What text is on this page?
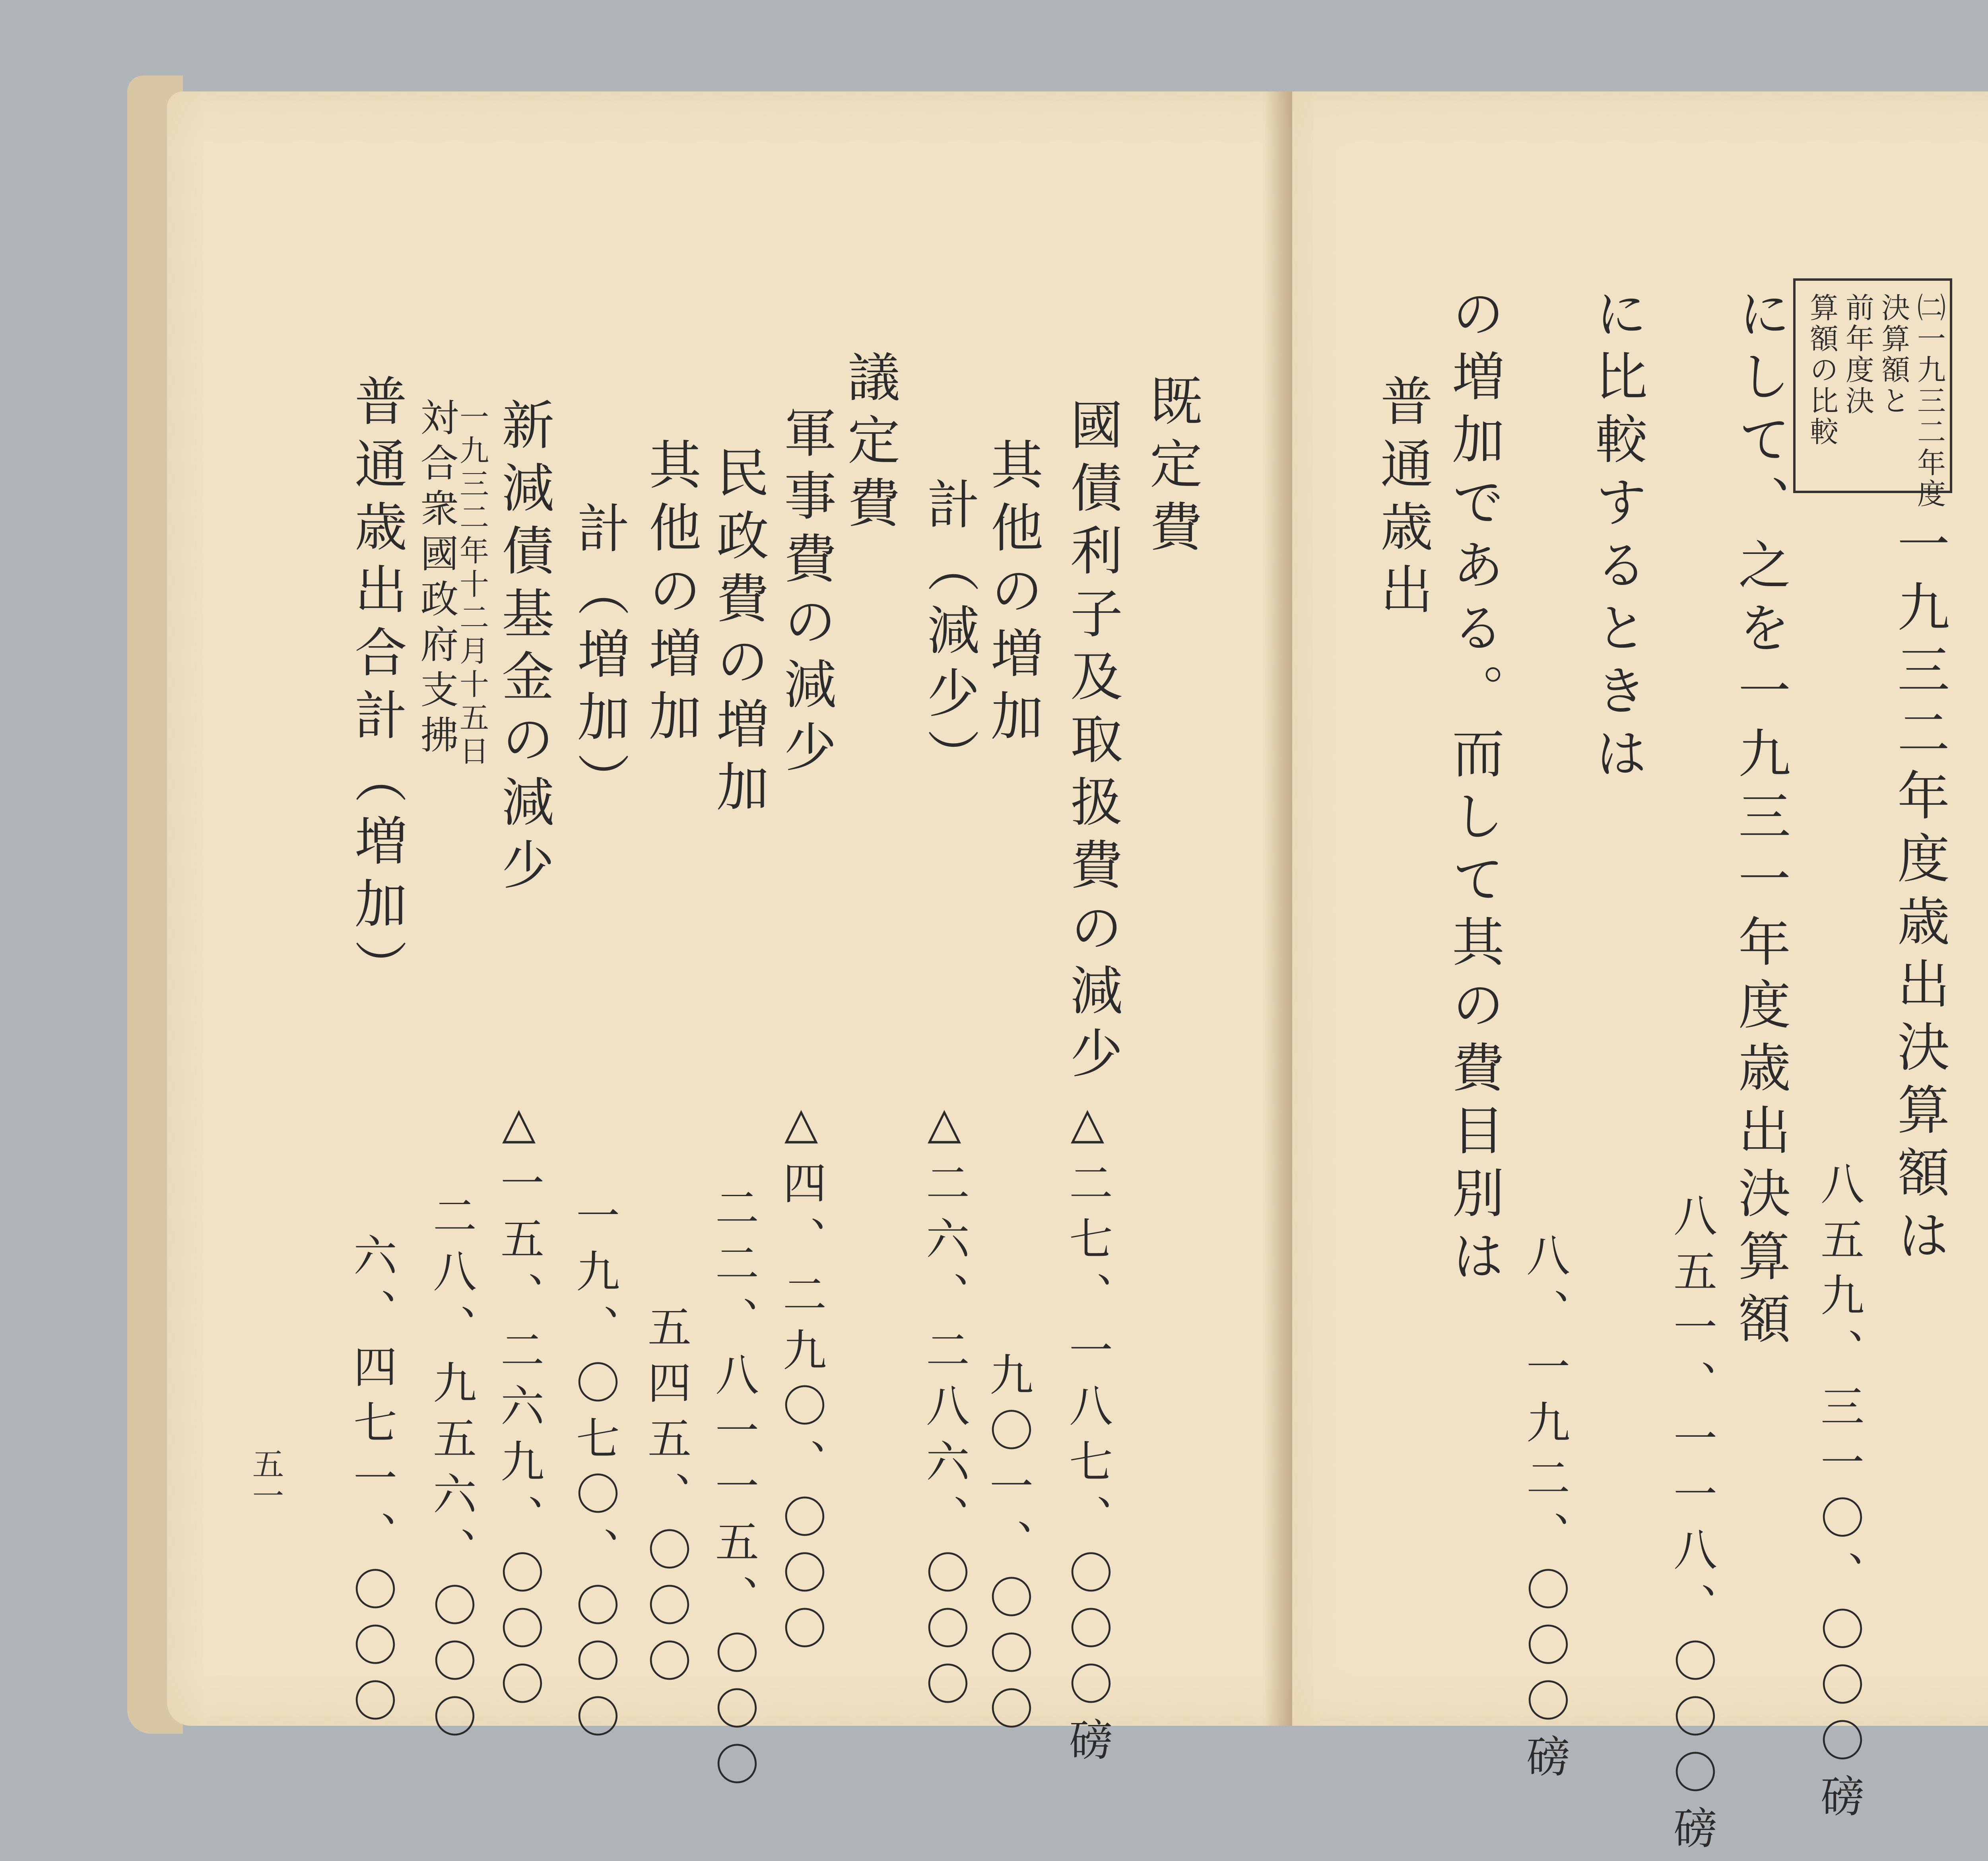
既定費
國債利子及取扱費の減少
△二七、一八七、〇〇〇磅
其他の増加
九〇一、〇〇〇
計（減少）
△二六、二八六、〇〇〇
議定費
軍事費の減少
△四、二九〇、〇〇〇
民政費の増加
二二、八一一五、〇〇〇
其他の増加
五四五、〇〇〇
計（増加）
一九、〇七〇、〇〇〇
新減債基金の減少
△一五、二六九、〇〇〇
一九三二年十二月十五日
対合衆國政府支拂
二八、九五六、〇〇〇
普通歳出合計（増加）
六、四七一、〇〇〇
五一
㈡一九三二年度
決算額と
前年度決
算額の比較
一九三二年度歳出決算額は
八五九、三一〇、〇〇〇磅
にして、之を一九三一年度歳出決算額
八五一、一一八、〇〇〇磅
に比較するときは
八、一九二、〇〇〇磅
の増加である。而して其の費目別は
普通歳出
